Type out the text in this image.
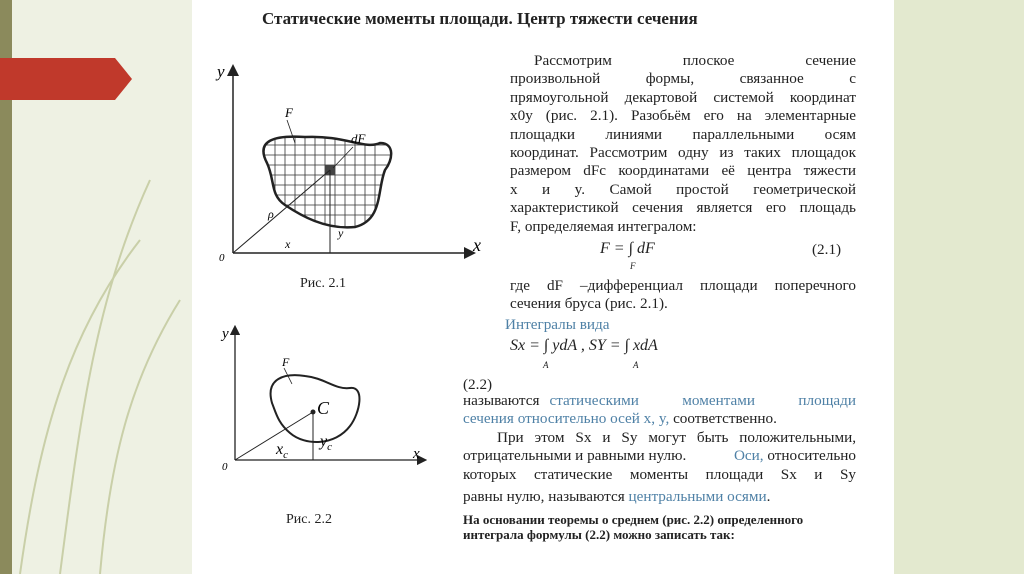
Статические моменты площади. Центр тяжести сечения
y
x
0
F
dF
ρ
x
y
Рис. 2.1
y
x
0
F
C
$x_c$
$y_c$
Рис. 2.2
Рассмотрим плоское сечение
произвольной формы, связанное с
прямоугольной декартовой системой координат
x0y (рис. 2.1). Разобьём его на элементарные
площадки линиями параллельными осям
координат. Рассмотрим одну из таких площадок
размером dFc координатами её центра тяжести
x и y. Самой простой геометрической
характеристикой сечения является его площадь
F, определяемая интегралом:
F = ∫ dF
F
(2.1)
где dF –дифференциал площади поперечного
сечения бруса (рис. 2.1).
Интегралы вида
Sx = ∫ ydA , SY = ∫ xdA
A	A
(2.2)
называются статическими моментами площади
сечения относительно осей x, y, соответственно.
При этом Sx и Sy могут быть положительными,
отрицательными и равными нулю.	Оси, относительно
которых статические моменты площади Sx и Sy
равны нулю, называются центральными осями.
На основании теоремы о среднем (рис. 2.2) определенного
интеграла формулы (2.2) можно записать так:
